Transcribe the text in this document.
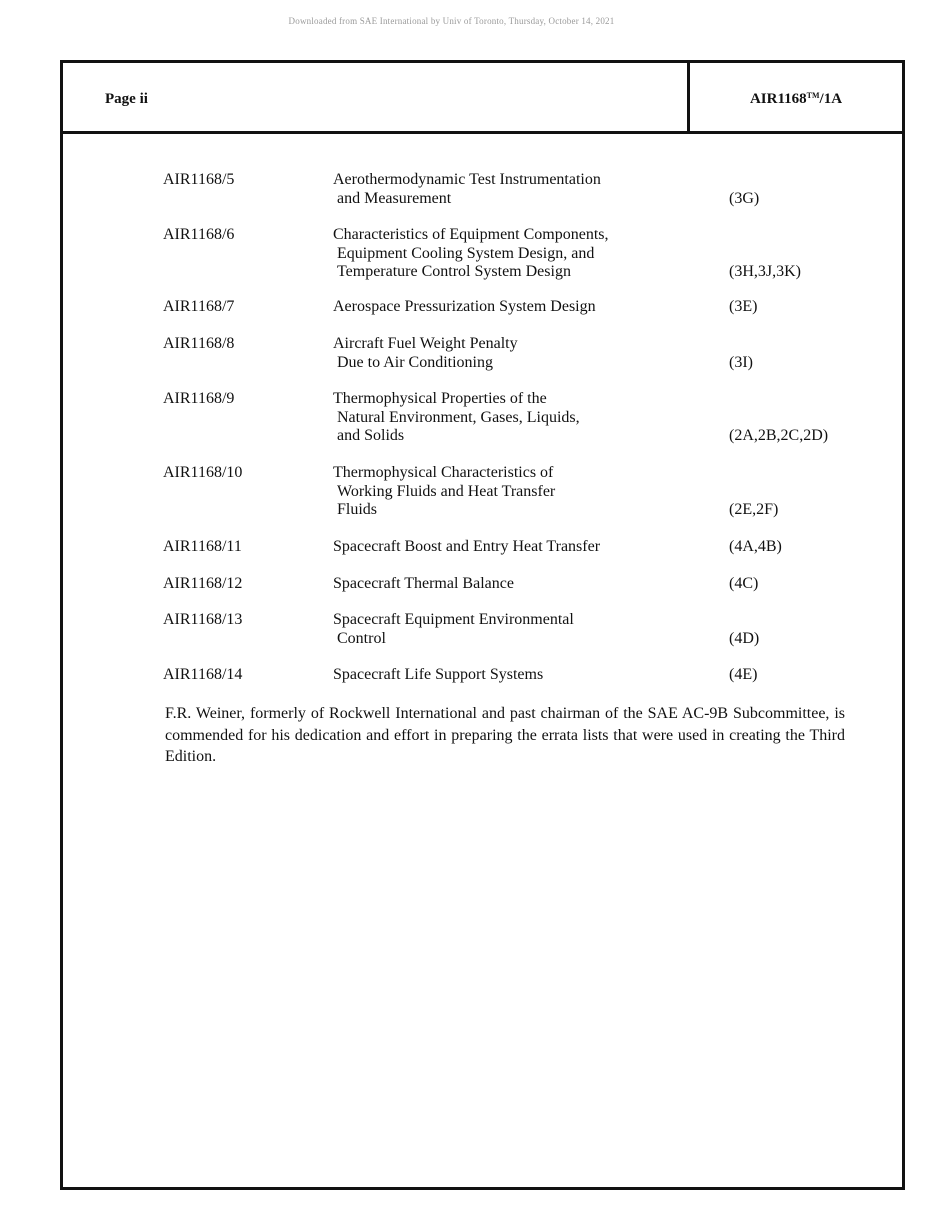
Downloaded from SAE International by Univ of Toronto, Thursday, October 14, 2021
Page ii	AIR1168™/1A
AIR1168/5	Aerothermodynamic Test Instrumentation
and Measurement	(3G)
AIR1168/6	Characteristics of Equipment Components,
Equipment Cooling System Design, and
Temperature Control System Design	(3H,3J,3K)
AIR1168/7	Aerospace Pressurization System Design	(3E)
AIR1168/8	Aircraft Fuel Weight Penalty
Due to Air Conditioning	(3I)
AIR1168/9	Thermophysical Properties of the
Natural Environment, Gases, Liquids,
and Solids	(2A,2B,2C,2D)
AIR1168/10	Thermophysical Characteristics of
Working Fluids and Heat Transfer
Fluids	(2E,2F)
AIR1168/11	Spacecraft Boost and Entry Heat Transfer	(4A,4B)
AIR1168/12	Spacecraft Thermal Balance	(4C)
AIR1168/13	Spacecraft Equipment Environmental
Control	(4D)
AIR1168/14	Spacecraft Life Support Systems	(4E)
F.R. Weiner, formerly of Rockwell International and past chairman of the SAE AC-9B Subcommittee, is commended for his dedication and effort in preparing the errata lists that were used in creating the Third Edition.
